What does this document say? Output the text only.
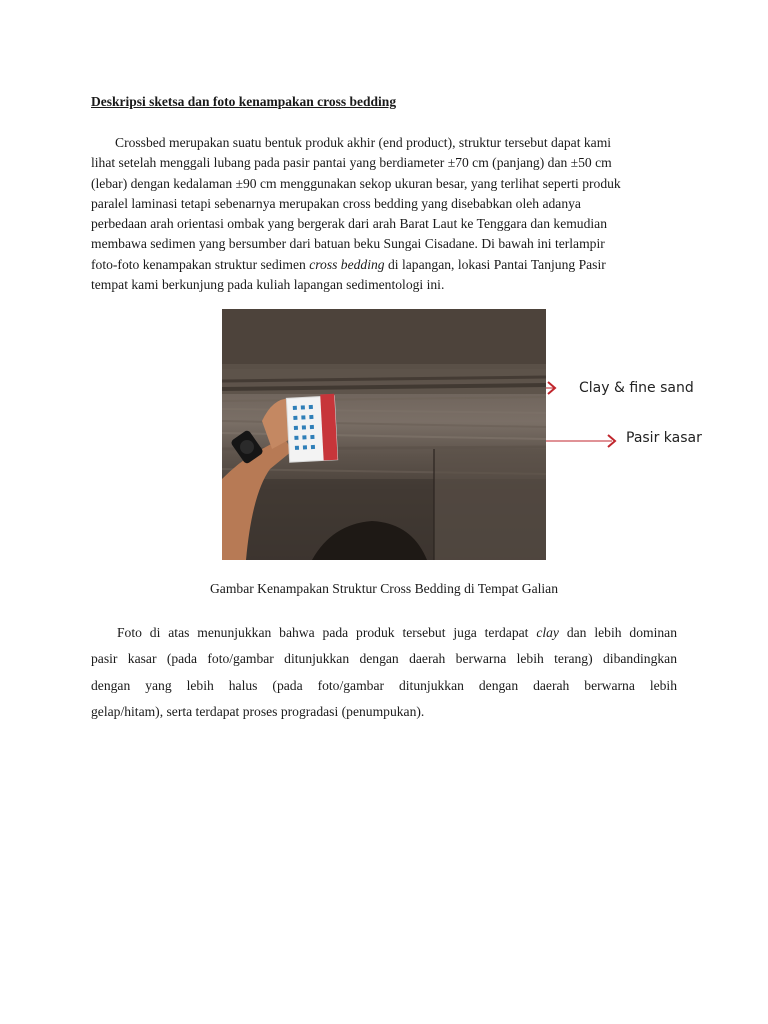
Deskripsi sketsa dan foto kenampakan cross bedding
Crossbed merupakan suatu bentuk produk akhir (end product), struktur tersebut dapat kami
lihat setelah menggali lubang pada pasir pantai yang berdiameter ±70 cm (panjang) dan ±50 cm
(lebar) dengan kedalaman ±90 cm menggunakan sekop ukuran besar, yang terlihat seperti produk
paralel laminasi tetapi sebenarnya merupakan cross bedding yang disebabkan oleh adanya
perbedaan arah orientasi ombak yang bergerak dari arah Barat Laut ke Tenggara dan kemudian
membawa sedimen yang bersumber dari batuan beku Sungai Cisadane. Di bawah ini terlampir
foto-foto kenampakan struktur sedimen cross bedding di lapangan, lokasi Pantai Tanjung Pasir
tempat kami berkunjung pada kuliah lapangan sedimentologi ini.
Clay & fine sand
Pasir kasar
Gambar Kenampakan Struktur Cross Bedding di Tempat Galian
Foto di atas menunjukkan bahwa pada produk tersebut juga terdapat clay dan lebih dominan
pasir kasar (pada foto/gambar ditunjukkan dengan daerah berwarna lebih terang) dibandingkan
dengan yang lebih halus (pada foto/gambar ditunjukkan dengan daerah berwarna lebih
gelap/hitam), serta terdapat proses progradasi (penumpukan).
